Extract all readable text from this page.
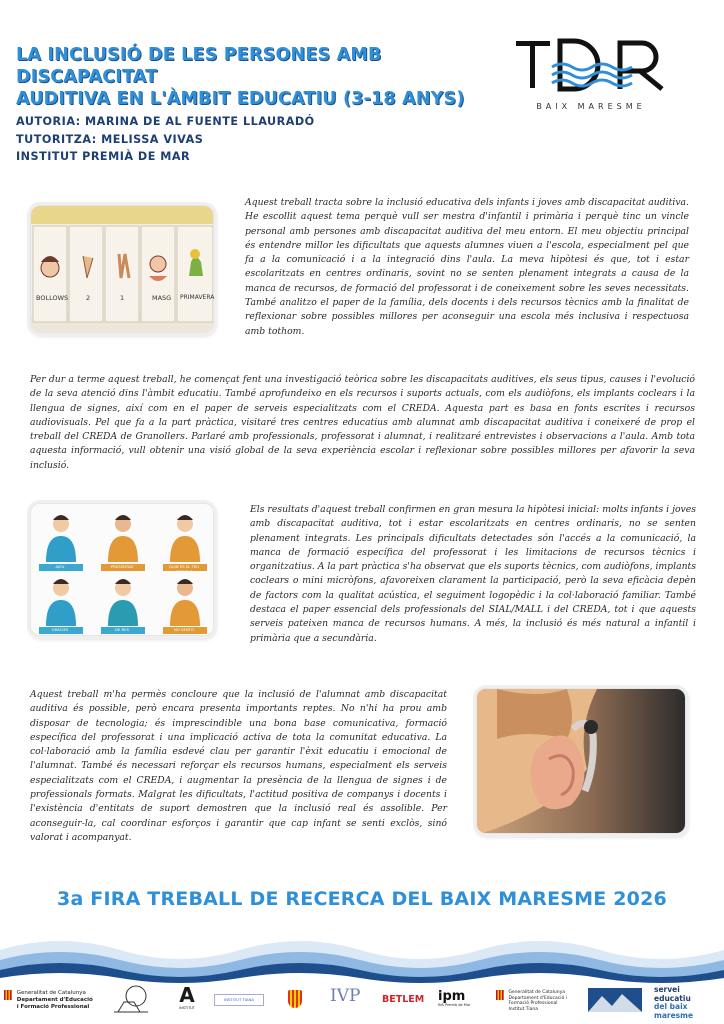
LA INCLUSIÓ DE LES PERSONES AMB DISCAPACITAT
AUDITIVA EN L'ÀMBIT EDUCATIU (3-18 ANYS)
AUTORIA: MARINA DE AL FUENTE LLAURADÓ
TUTORITZA: MELISSA VIVAS
INSTITUT PREMIÀ DE MAR
BAIX MARESME
BOLLOWS	2	1	MASG PRIMAVERA
Aquest treball tracta sobre la inclusió educativa dels infants i joves amb discapacitat auditiva. He escollit aquest tema perquè vull ser mestra d'infantil i primària i perquè tinc un vincle personal amb persones amb discapacitat auditiva del meu entorn. El meu objectiu principal és entendre millor les dificultats que aquests alumnes viuen a l'escola, especialment pel que fa a la comunicació i a la integració dins l'aula. La meva hipòtesi és que, tot i estar escolaritzats en centres ordinaris, sovint no se senten plenament integrats a causa de la manca de recursos, de formació del professorat i de coneixement sobre les seves necessitats. També analitzo el paper de la família, dels docents i dels recursos tècnics amb la finalitat de reflexionar sobre possibles millores per aconseguir una escola més inclusiva i respectuosa amb tothom.
Per dur a terme aquest treball, he començat fent una investigació teòrica sobre les discapacitats auditives, els seus tipus, causes i l'evolució de la seva atenció dins l'àmbit educatiu. També aprofundeixo en els recursos i suports actuals, com els audiòfons, els implants coclears i la llengua de signes, així com en el paper de serveis especialitzats com el CREDA. Aquesta part es basa en fonts escrites i recursos audiovisuals. Pel que fa a la part pràctica, visitaré tres centres educatius amb alumnat amb discapacitat auditiva i coneixeré de prop el treball del CREDA de Granollers. Parlaré amb professionals, professorat i alumnat, i realitzaré entrevistes i observacions a l'aula. Amb tota aquesta informació, vull obtenir una visió global de la seva experiència escolar i reflexionar sobre possibles millores per afavorir la seva inclusió.
AJEU	PRESENTAR	QUIN ES EL TEU SENYAL?
GRÀCIES	DE RES	NO SENTO
Els resultats d'aquest treball confirmen en gran mesura la hipòtesi inicial: molts infants i joves amb discapacitat auditiva, tot i estar escolaritzats en centres ordinaris, no se senten plenament integrats. Les principals dificultats detectades són l'accés a la comunicació, la manca de formació específica del professorat i les limitacions de recursos tècnics i organitzatius. A la part pràctica s'ha observat que els suports tècnics, com audiòfons, implants coclears o mini micròfons, afavoreixen clarament la participació, però la seva eficàcia depèn de factors com la qualitat acústica, el seguiment logopèdic i la col·laboració familiar. També destaca el paper essencial dels professionals del SIAL/MALL i del CREDA, tot i que aquests serveis pateixen manca de recursos humans. A més, la inclusió és més natural a infantil i primària que a secundària.
Aquest treball m'ha permès concloure que la inclusió de l'alumnat amb discapacitat auditiva és possible, però encara presenta importants reptes. No n'hi ha prou amb disposar de tecnologia; és imprescindible una bona base comunicativa, formació específica del professorat i una implicació activa de tota la comunitat educativa. La col·laboració amb la família esdevé clau per garantir l'èxit educatiu i emocional de l'alumnat. També és necessari reforçar els recursos humans, especialment els serveis especialitzats com el CREDA, i augmentar la presència de la llengua de signes i de professionals formats. Malgrat les dificultats, l'actitud positiva de companys i docents i l'existència d'entitats de suport demostren que la inclusió real és assolible. Per aconseguir-la, cal coordinar esforços i garantir que cap infant se senti exclòs, sinó valorat i acompanyat.
3a FIRA TREBALL DE RECERCA DEL BAIX MARESME 2026

Generalitat de Catalunya
Departament d'Educació
i Formació Professional	A
INSTITUT
INSTITUT TIANA	IVP BETLEM ipm
INS Premià de Mar

Generalitat de Catalunya
Departament d'Educació i
Formació Professional
Institut Tiana
servei
educatiu
del baix maresme
